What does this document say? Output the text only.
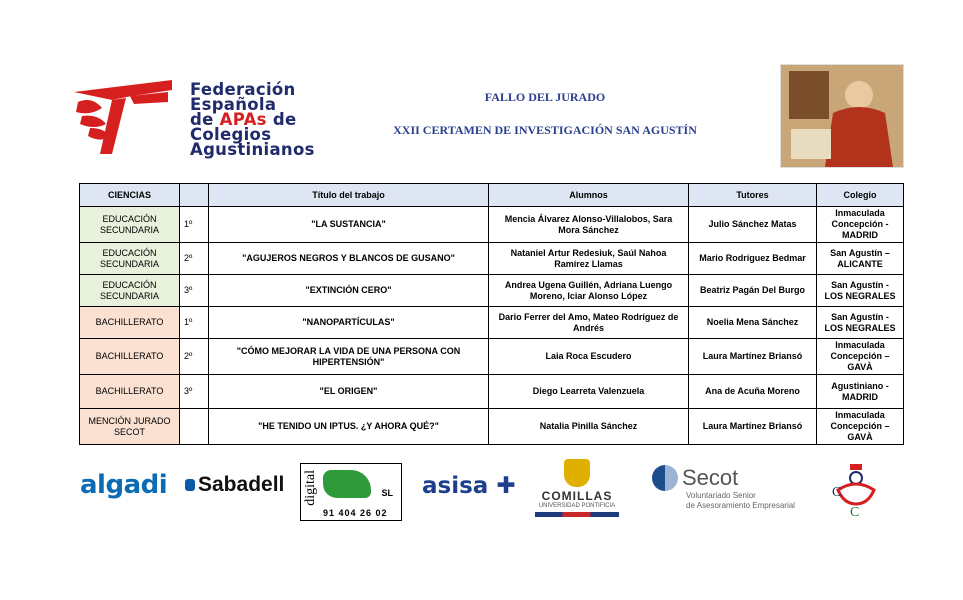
Federación
Española
de APAs de
Colegios
Agustinianos
FALLO DEL JURADO
XXII CERTAMEN DE INVESTIGACIÓN SAN AGUSTÍN
CIENCIAS		Título del trabajo	Alumnos	Tutores	Colegio
EDUCACIÓN SECUNDARIA	1º	"LA SUSTANCIA"	Mencia Álvarez Alonso-Villalobos, Sara Mora Sánchez	Julio Sánchez Matas	Inmaculada Concepción - MADRID
EDUCACIÓN SECUNDARIA	2º	"AGUJEROS NEGROS Y BLANCOS DE GUSANO"	Nataniel Artur Redesiuk, Saúl Nahoa Ramírez Llamas	Mario Rodríguez Bedmar	San Agustín – ALICANTE
EDUCACIÓN SECUNDARIA	3º	"EXTINCIÓN CERO"	Andrea Ugena Guillén, Adriana Luengo Moreno, Iciar Alonso López	Beatriz Pagán Del Burgo	San Agustín - LOS NEGRALES
BACHILLERATO	1º	"NANOPARTÍCULAS"	Dario Ferrer del Amo, Mateo Rodríguez de Andrés	Noelia Mena Sánchez	San Agustín - LOS NEGRALES
BACHILLERATO	2º	"CÓMO MEJORAR LA VIDA DE UNA PERSONA CON HIPERTENSIÓN"	Laia Roca Escudero	Laura Martínez Briansó	Inmaculada Concepción – GAVÀ
BACHILLERATO	3º	"EL ORIGEN"	Diego Learreta Valenzuela	Ana de Acuña Moreno	Agustiniano - MADRID
MENCIÓN JURADO SECOT		"HE TENIDO UN IPTUS. ¿Y AHORA QUÉ?"	Natalia Pinilla Sánchez	Laura Martínez Briansó	Inmaculada Concepción – GAVÀ
algadi	Sabadell digital	SL
91 404 26 02
asisa ✚	COMILLAS
UNIVERSIDAD PONTIFICIA
Secot
Voluntariado Senior
de Asesoramiento Empresarial
C
C
